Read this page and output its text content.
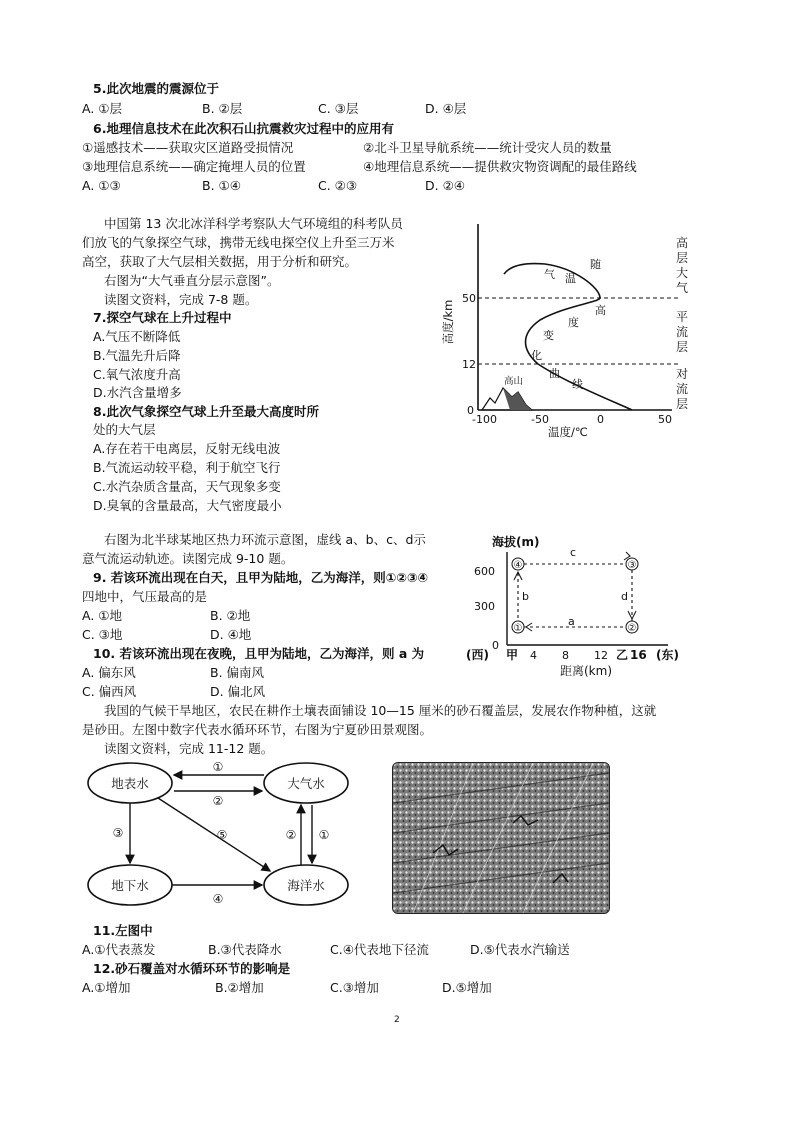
5.此次地震的震源位于
A. ①层	B. ②层	C. ③层	D. ④层
6.地理信息技术在此次积石山抗震救灾过程中的应用有
①遥感技术——获取灾区道路受损情况	②北斗卫星导航系统——统计受灾人员的数量
③地理信息系统——确定掩埋人员的位置	④地理信息系统——提供救灾物资调配的最佳路线
A. ①③	B. ①④	C. ②③	D. ②④
中国第 13 次北冰洋科学考察队大气环境组的科考队员
们放飞的气象探空气球，携带无线电探空仪上升至三万米
高空，获取了大气层相关数据，用于分析和研究。
右图为“大气垂直分层示意图”。
读图文资料，完成 7-8 题。
7.探空气球在上升过程中
A.气压不断降低
B.气温先升后降
C.氧气浓度升高
D.水汽含量增多
8.此次气象探空气球上升至最大高度时所
处的大气层
A.存在若干电离层，反射无线电波
B.气流运动较平稳，利于航空飞行
C.水汽杂质含量高，天气现象多变
D.臭氧的含量最高，大气密度最小
50
12
0
-100	-50	0	50
温度/℃
高度/km
高山
气 温
随
高
度
变
化
曲
线
高层大气
平流层
对流层
右图为北半球某地区热力环流示意图，虚线 a、b、c、d示
意气流运动轨迹。读图完成 9-10 题。
9. 若该环流出现在白天，且甲为陆地，乙为海洋，则①②③④
四地中，气压最高的是
A. ①地	B. ②地
C. ③地	D. ④地
10. 若该环流出现在夜晚，且甲为陆地，乙为海洋，则 a 为
A. 偏东风	B. 偏南风
C. 偏西风	D. 偏北风
海拔(m)
600
300
0
④	③
①	②
c
b	d
a
4 8 12 16
(西) 甲	乙 (东)
距离(km)
我国的气候干旱地区，农民在耕作土壤表面铺设 10—15 厘米的砂石覆盖层，发展农作物种植，这就
是砂田。左图中数字代表水循环环节，右图为宁夏砂田景观图。
读图文资料，完成 11-12 题。
地表水	大气水
地下水	海洋水
①
②
③
④
⑤	② ①
11.左图中
A.①代表蒸发	B.③代表降水	C.④代表地下径流	D.⑤代表水汽输送
12.砂石覆盖对水循环环节的影响是
A.①增加	B.②增加	C.③增加	D.⑤增加
2
